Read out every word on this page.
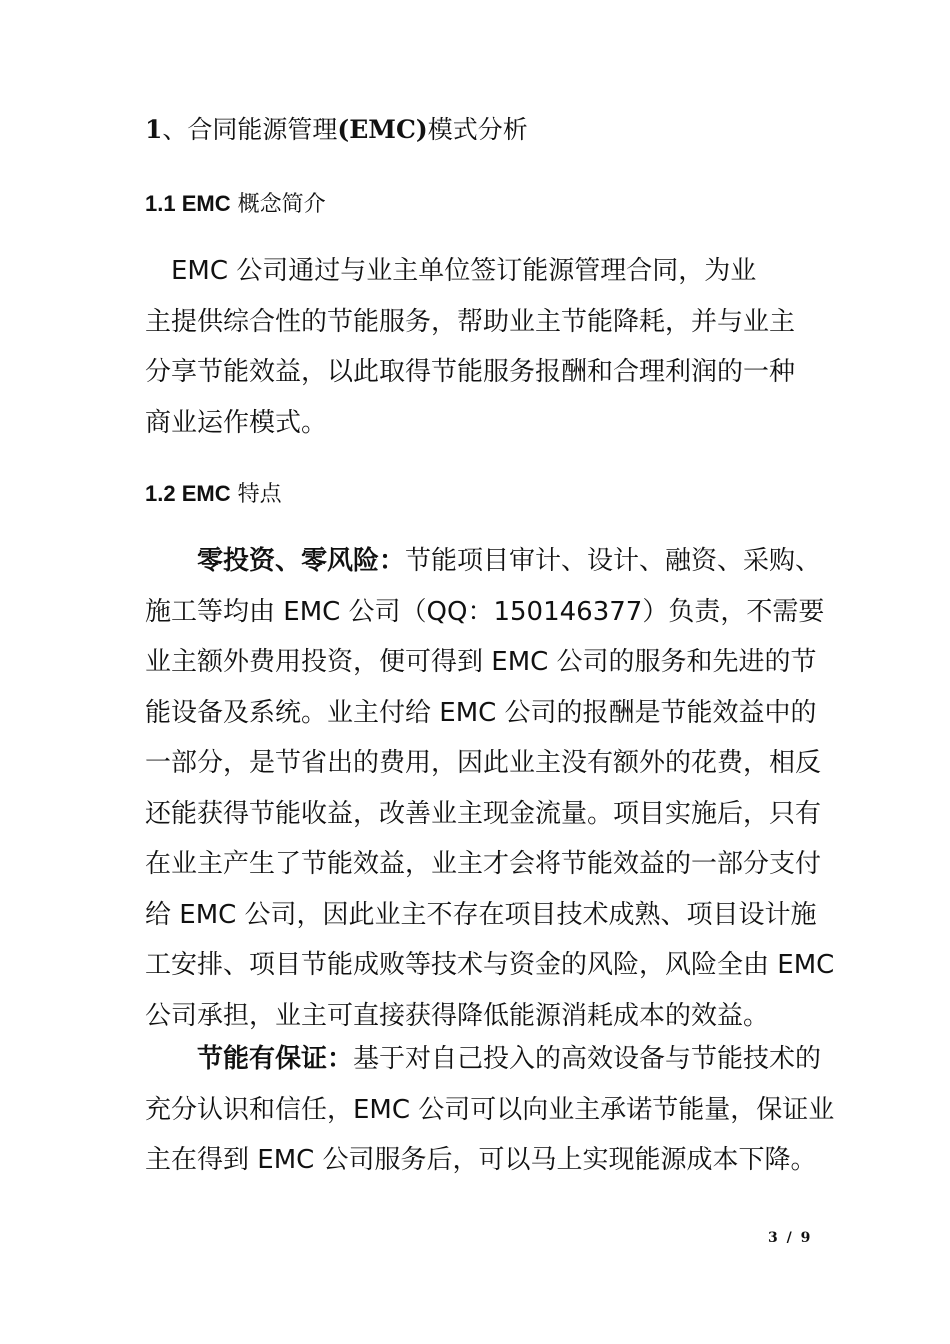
1、合同能源管理(EMC)模式分析
1.1 EMC 概念简介
EMC 公司通过与业主单位签订能源管理合同，为业
主提供综合性的节能服务，帮助业主节能降耗，并与业主
分享节能效益，以此取得节能服务报酬和合理利润的一种
商业运作模式。
1.2 EMC 特点
零投资、零风险：节能项目审计、设计、融资、采购、
施工等均由 EMC 公司（QQ：150146377）负责，不需要
业主额外费用投资，便可得到 EMC 公司的服务和先进的节
能设备及系统。业主付给 EMC 公司的报酬是节能效益中的
一部分，是节省出的费用，因此业主没有额外的花费，相反
还能获得节能收益，改善业主现金流量。项目实施后，只有
在业主产生了节能效益，业主才会将节能效益的一部分支付
给 EMC 公司，因此业主不存在项目技术成熟、项目设计施
工安排、项目节能成败等技术与资金的风险，风险全由 EMC
公司承担，业主可直接获得降低能源消耗成本的效益。
节能有保证：基于对自己投入的高效设备与节能技术的
充分认识和信任，EMC 公司可以向业主承诺节能量，保证业
主在得到 EMC 公司服务后，可以马上实现能源成本下降。
3 / 9
